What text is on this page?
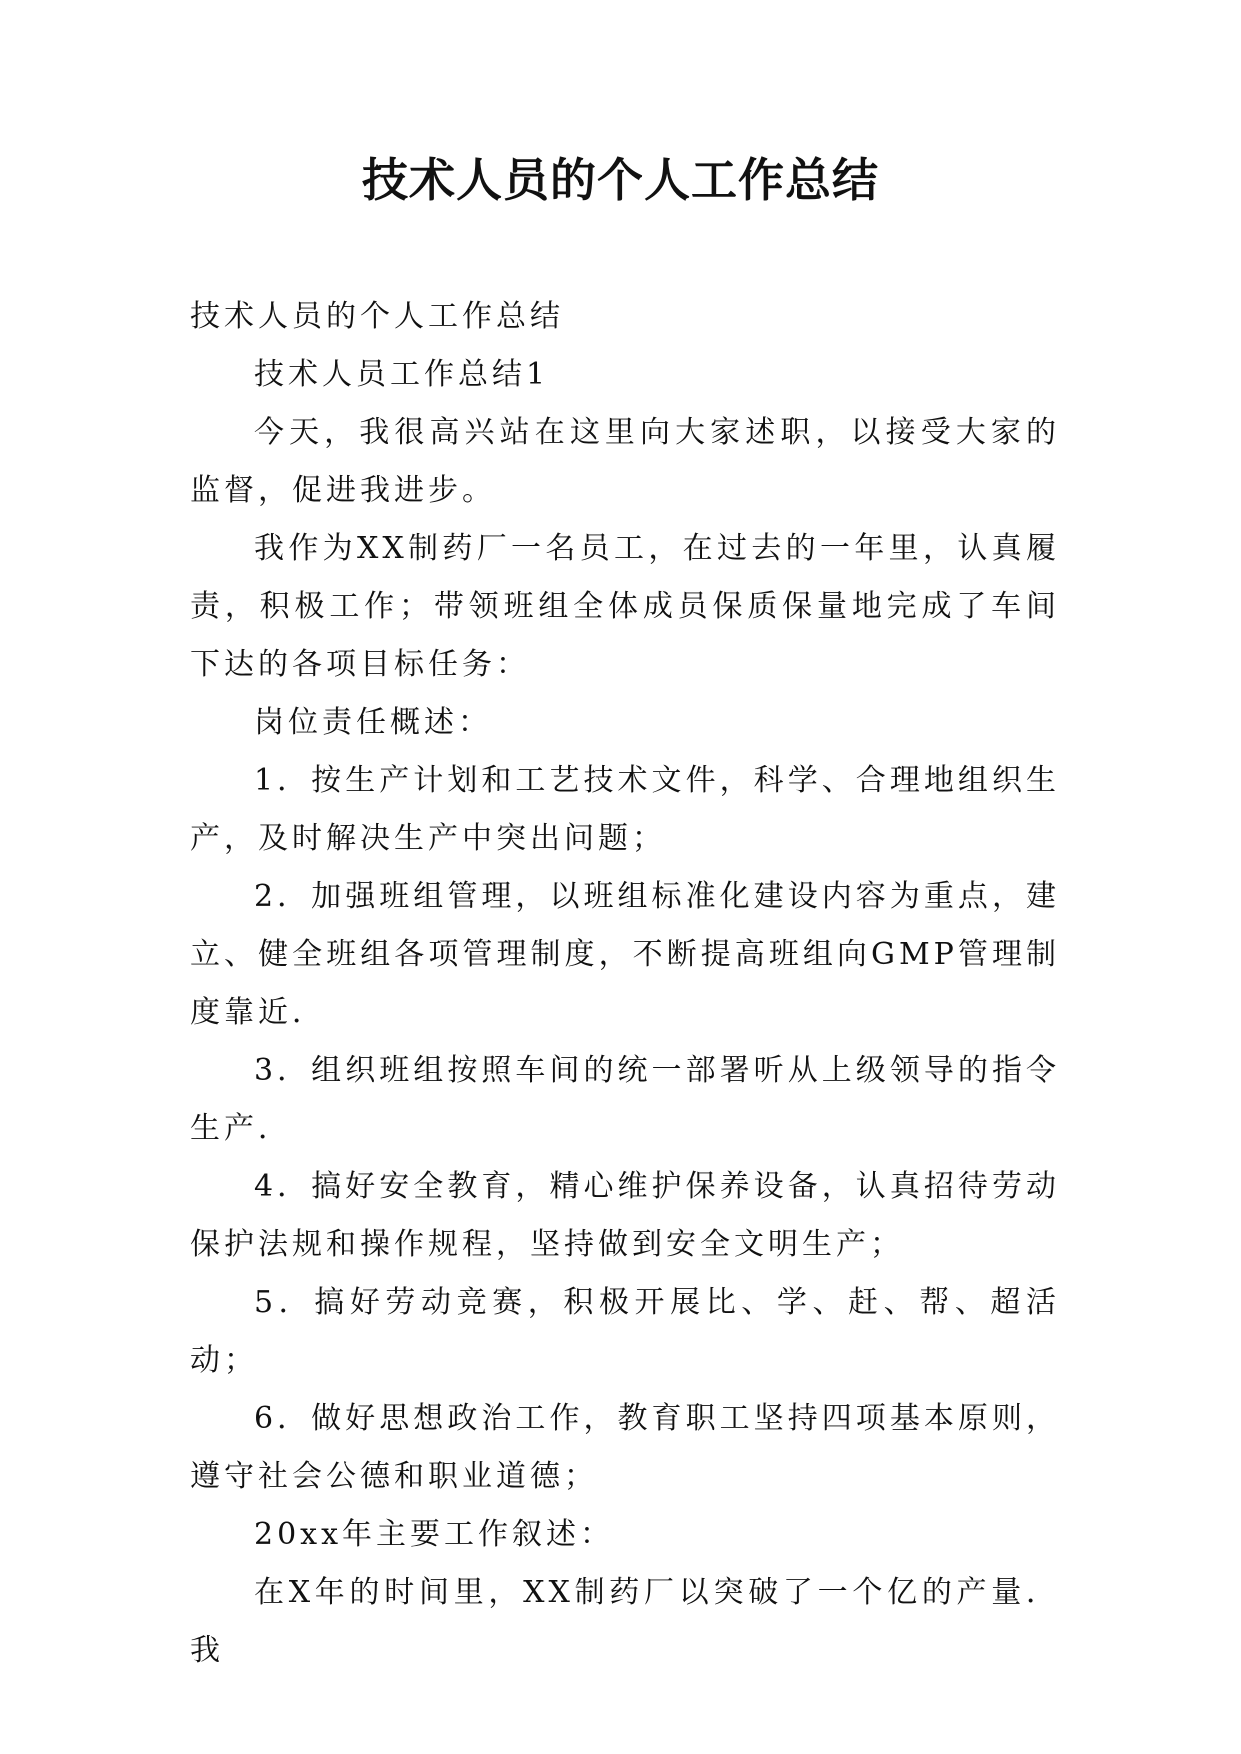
技术人员的个人工作总结

技术人员的个人工作总结

技术人员工作总结1

今天，我很高兴站在这里向大家述职，以接受大家的监督，促进我进步。

我作为XX制药厂一名员工，在过去的一年里，认真履责，积极工作；带领班组全体成员保质保量地完成了车间下达的各项目标任务：

岗位责任概述：

1．按生产计划和工艺技术文件，科学、合理地组织生产，及时解决生产中突出问题；

2．加强班组管理，以班组标准化建设内容为重点，建立、健全班组各项管理制度，不断提高班组向GMP管理制度靠近．

3．组织班组按照车间的统一部署听从上级领导的指令生产．

4．搞好安全教育，精心维护保养设备，认真招待劳动保护法规和操作规程，坚持做到安全文明生产；

5．搞好劳动竞赛，积极开展比、学、赶、帮、超活动；

6．做好思想政治工作，教育职工坚持四项基本原则，遵守社会公德和职业道德；

20xx年主要工作叙述：

在X年的时间里，XX制药厂以突破了一个亿的产量．我
